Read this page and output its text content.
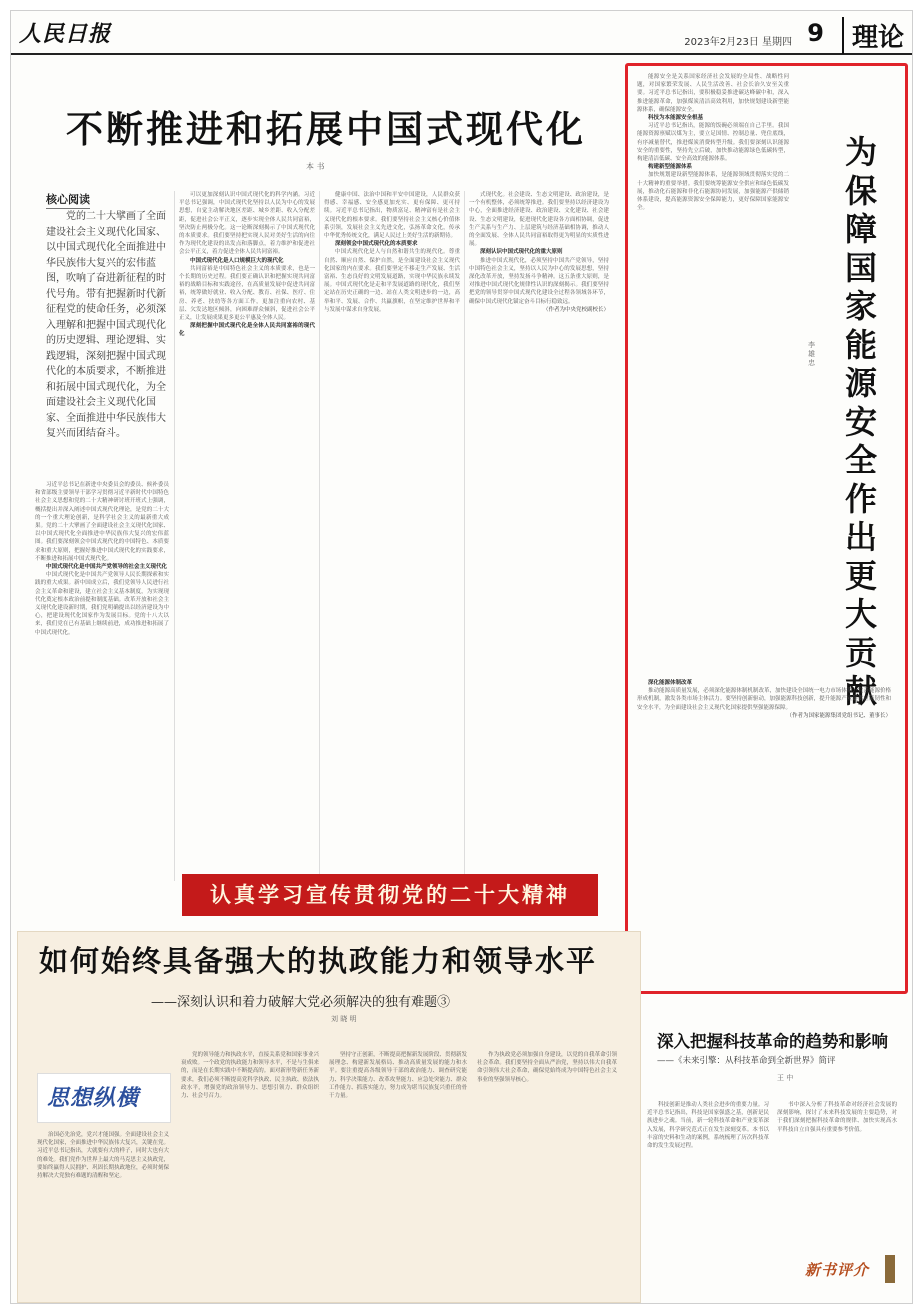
人民日报	2023年2月23日 星期四 9	理论
不断推进和拓展中国式现代化
本 书
核心阅读
党的二十大擘画了全面建设社会主义现代化国家、以中国式现代化全面推进中华民族伟大复兴的宏伟蓝图，吹响了奋进新征程的时代号角。带有把握新时代新征程党的使命任务，必须深入理解和把握中国式现代化的历史逻辑、理论逻辑、实践逻辑，深刻把握中国式现代化的本质要求，不断推进和拓展中国式现代化，为全面建设社会主义现代化国家、全面推进中华民族伟大复兴而团结奋斗。

习近平总书记在新进中央委员会的委员、候补委员和省部级主要领导干部学习贯彻习近平新时代中国特色社会主义思想和党的二十大精神研讨班开班式上强调，概括提出并深入阐述中国式现代化理论，是党的二十大的一个重大理论创新，是科学社会主义的最新重大成果。党的二十大擘画了全面建设社会主义现代化国家、以中国式现代化全面推进中华民族伟大复兴的宏伟蓝图。我们要深刻领会中国式现代化的中国特色、本质要求和重大原则，把握好推进中国式现代化的实践要求，不断推进和拓展中国式现代化。

中国式现代化是中国共产党领导的社会主义现代化

中国式现代化是中国共产党领导人民长期探索和实践的重大成果。新中国成立后，我们党领导人民进行社会主义革命和建设，建立社会主义基本制度，为实现现代化奠定根本政治前提和制度基础。改革开放和社会主义现代化建设新时期，我们党明确提出以经济建设为中心，把建设现代化国家作为发展目标。党的十八大以来，我们党在已有基础上继续前进，成功推进和拓展了中国式现代化。

可以更加深刻认识中国式现代化的科学内涵。习近平总书记强调，中国式现代化坚持以人民为中心的发展思想，自觉主动解决地区差距、城乡差距、收入分配差距，促进社会公平正义，逐步实现全体人民共同富裕，坚决防止两极分化。这一论断深刻揭示了中国式现代化的本质要求。我们要坚持把实现人民对美好生活的向往作为现代化建设的出发点和落脚点，着力维护和促进社会公平正义，着力促进全体人民共同富裕。

中国式现代化是人口规模巨大的现代化

共同富裕是中国特色社会主义的本质要求，也是一个长期的历史过程。我们要正确认识和把握实现共同富裕的战略目标和实践途径，在高质量发展中促进共同富裕，统筹做好就业、收入分配、教育、社保、医疗、住房、养老、扶幼等各方面工作，更加注重向农村、基层、欠发达地区倾斜，向困难群众倾斜，促进社会公平正义，让发展成果更多更公平惠及全体人民。

深刻把握中国式现代化是全体人民共同富裕的现代化

健康中国、法治中国和平安中国建设，人民群众获得感、幸福感、安全感更加充实、更有保障、更可持续。习近平总书记指出，物质富足、精神富有是社会主义现代化的根本要求。我们要坚持社会主义核心价值体系引领，发展社会主义先进文化，弘扬革命文化，传承中华优秀传统文化，满足人民过上美好生活的新期待。

深刻领会中国式现代化的本质要求

中国式现代化是人与自然和谐共生的现代化。尊重自然、顺应自然、保护自然，是全面建设社会主义现代化国家的内在要求。我们要坚定不移走生产发展、生活富裕、生态良好的文明发展道路，实现中华民族永续发展。中国式现代化是走和平发展道路的现代化，我们坚定站在历史正确的一边、站在人类文明进步的一边，高举和平、发展、合作、共赢旗帜，在坚定维护世界和平与发展中谋求自身发展。

式现代化。社会建设、生态文明建设、政治建设，是一个有机整体，必须统筹推进。我们要坚持以经济建设为中心，全面推进经济建设、政治建设、文化建设、社会建设、生态文明建设，促进现代化建设各方面相协调，促进生产关系与生产力、上层建筑与经济基础相协调，推动人的全面发展、全体人民共同富裕取得更为明显的实质性进展。

深刻认识中国式现代化的重大原则

推进中国式现代化，必须坚持中国共产党领导，坚持中国特色社会主义，坚持以人民为中心的发展思想，坚持深化改革开放，坚持发扬斗争精神。这五条重大原则，是对推进中国式现代化规律性认识的深刻揭示。我们要坚持把党的领导贯穿中国式现代化建设全过程各领域各环节，确保中国式现代化锚定奋斗目标行稳致远。

（作者为中央党校副校长）

认真学习宣传贯彻党的二十大精神

能源安全是关系国家经济社会发展的全局性、战略性问题，对国家繁荣发展、人民生活改善、社会长治久安至关重要。习近平总书记指出，要积极稳妥推进碳达峰碳中和，深入推进能源革命，加强煤炭清洁高效利用，加快规划建设新型能源体系，确保能源安全。

科技为本能源安全根基

习近平总书记指出，能源的饭碗必须端在自己手里。我国能源资源禀赋以煤为主，要立足国情、控制总量、兜住底线，有序减量替代，推进煤炭消费转型升级。我们要深刻认识能源安全的重要性，坚持先立后破，加快推动能源绿色低碳转型，构建清洁低碳、安全高效的能源体系。

构建新型能源体系

加快规划建设新型能源体系，是能源领域贯彻落实党的二十大精神的重要举措。我们要统筹能源安全供应和绿色低碳发展，推动化石能源和非化石能源协同发展，加强能源产供储销体系建设，提高能源资源安全保障能力，更好保障国家能源安全。

为保障国家能源安全作出更大贡献
李 雄 忠

深化能源体制改革

推动能源高质量发展，必须深化能源体制机制改革，加快建设全国统一电力市场体系，完善能源价格形成机制，激发各类市场主体活力。要坚持创新驱动，加强能源科技创新，提升能源产业链供应链韧性和安全水平，为全面建设社会主义现代化国家提供坚强能源保障。

（作者为国家能源集团党组书记、董事长）

如何始终具备强大的执政能力和领导水平
——深刻认识和着力破解大党必须解决的独有难题③
刘 晓 明
思想纵横

治国必先治党，党兴才能国强。全面建设社会主义现代化国家，全面推进中华民族伟大复兴，关键在党。习近平总书记指出，大就要有大的样子，同时大也有大的难处。我们党作为世界上最大的马克思主义执政党，要始终赢得人民拥护、巩固长期执政地位，必须时刻保持解决大党独有难题的清醒和坚定。

党的领导能力和执政水平，直接关系党和国家事业兴衰成败。一个政党的执政能力和领导水平，不是与生俱来的，而是在长期实践中不断提高的。面对新形势新任务新要求，我们必须不断提高党科学执政、民主执政、依法执政水平，增强党的政治领导力、思想引领力、群众组织力、社会号召力。

坚持守正创新，不断提高把握新发展阶段、贯彻新发展理念、构建新发展格局、推动高质量发展的能力和水平。要注重提高各级领导干部的政治能力、调查研究能力、科学决策能力、改革攻坚能力、应急处突能力、群众工作能力、抓落实能力，努力成为堪当民族复兴重任的骨干力量。

作为执政党必须加强自身建设，以党的自我革命引领社会革命。我们要坚持全面从严治党，坚持以伟大自我革命引领伟大社会革命，确保党始终成为中国特色社会主义事业的坚强领导核心。

深入把握科技革命的趋势和影响
——《未来引擎：从科技革命到全新世界》简评
王 中

科技创新是推动人类社会进步的重要力量。习近平总书记指出，科技是国家强盛之基，创新是民族进步之魂。当前，新一轮科技革命和产业变革深入发展，科学研究范式正在发生深刻变革。本书以丰富的史料和生动的案例，系统梳理了历次科技革命的发生发展过程。

书中深入分析了科技革命对经济社会发展的深刻影响，探讨了未来科技发展的主要趋势，对于我们深刻把握科技革命的规律、加快实现高水平科技自立自强具有重要参考价值。

新书评介
